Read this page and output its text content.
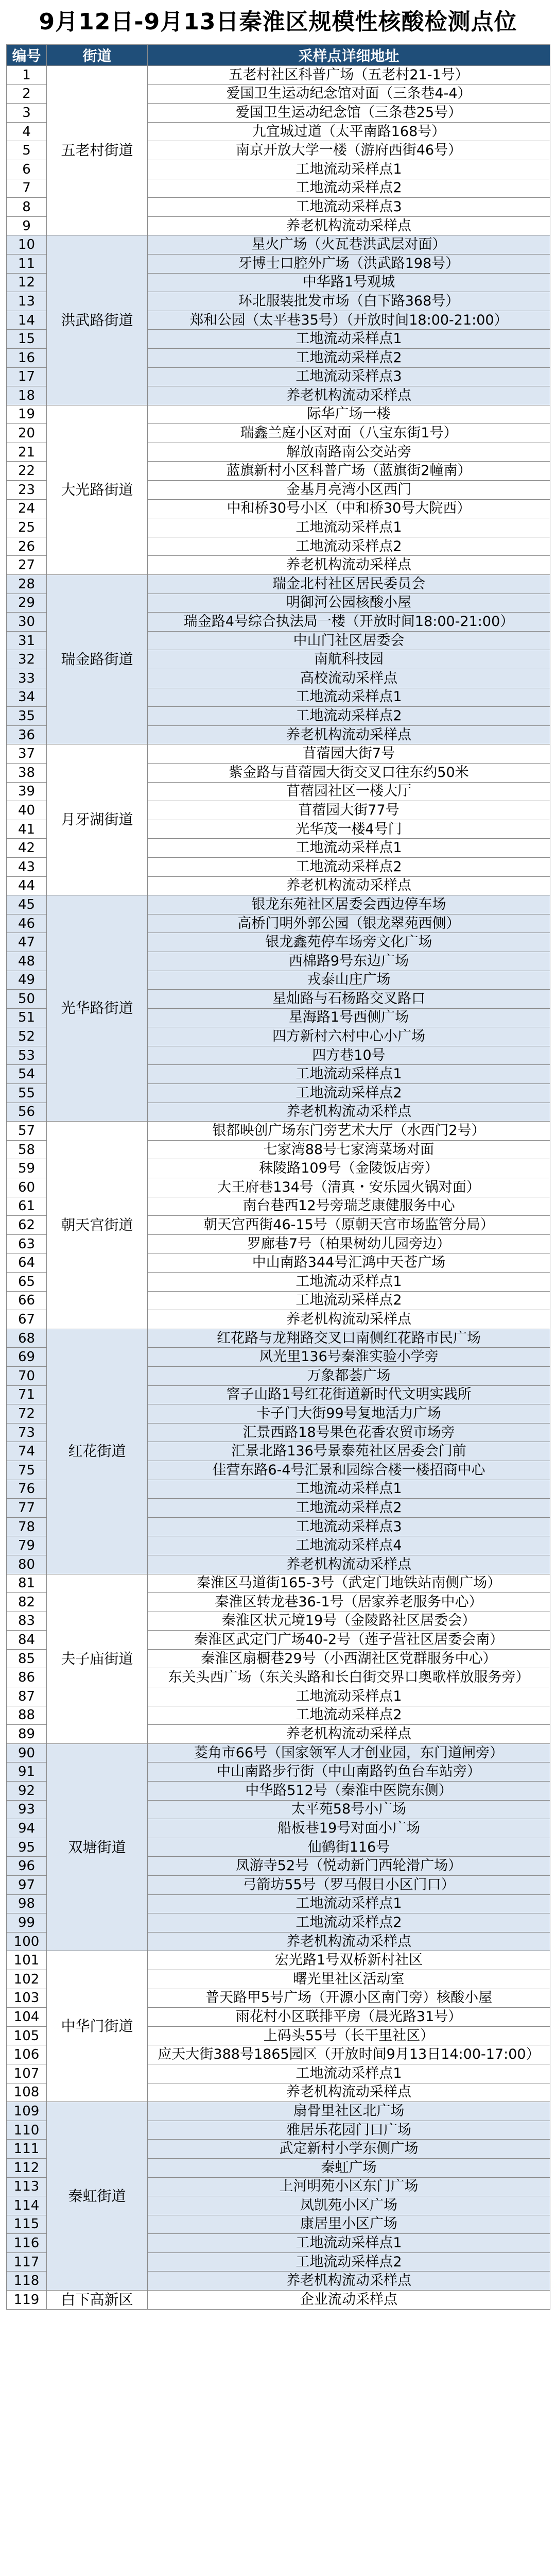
9月12日-9月13日秦淮区规模性核酸检测点位
编号	街道	采样点详细地址
1	五老村街道	五老村社区科普广场（五老村21-1号）
2		爱国卫生运动纪念馆对面（三条巷4-4）
3		爱国卫生运动纪念馆（三条巷25号）
4		九宜城过道（太平南路168号）
5		南京开放大学一楼（游府西街46号）
6		工地流动采样点1
7		工地流动采样点2
8		工地流动采样点3
9		养老机构流动采样点
10	洪武路街道	星火广场（火瓦巷洪武层对面）
11		牙博士口腔外广场（洪武路198号）
12		中华路1号观城
13		环北服装批发市场（白下路368号）
14		郑和公园（太平巷35号）（开放时间18:00-21:00）
15		工地流动采样点1
16		工地流动采样点2
17		工地流动采样点3
18		养老机构流动采样点
19	大光路街道	际华广场一楼
20		瑞鑫兰庭小区对面（八宝东街1号）
21		解放南路南公交站旁
22		蓝旗新村小区科普广场（蓝旗街2幢南）
23		金基月亮湾小区西门
24		中和桥30号小区（中和桥30号大院西）
25		工地流动采样点1
26		工地流动采样点2
27		养老机构流动采样点
28	瑞金路街道	瑞金北村社区居民委员会
29		明御河公园核酸小屋
30		瑞金路4号综合执法局一楼（开放时间18:00-21:00）
31		中山门社区居委会
32		南航科技园
33		高校流动采样点
34		工地流动采样点1
35		工地流动采样点2
36		养老机构流动采样点
37	月牙湖街道	苜蓿园大街7号
38		紫金路与苜蓿园大街交叉口往东约50米
39		苜蓿园社区一楼大厅
40		苜蓿园大街77号
41		光华茂一楼4号门
42		工地流动采样点1
43		工地流动采样点2
44		养老机构流动采样点
45	光华路街道	银龙东苑社区居委会西边停车场
46		高桥门明外郭公园（银龙翠苑西侧）
47		银龙鑫苑停车场旁文化广场
48		西棉路9号东边广场
49		戎泰山庄广场
50		星灿路与石杨路交叉路口
51		星海路1号西侧广场
52		四方新村六村中心小广场
53		四方巷10号
54		工地流动采样点1
55		工地流动采样点2
56		养老机构流动采样点
57	朝天宫街道	银都映创广场东门旁艺术大厅（水西门2号）
58		七家湾88号七家湾菜场对面
59		秣陵路109号（金陵饭店旁）
60		大王府巷134号（清真・安乐园火锅对面）
61		南台巷西12号旁瑞芝康健服务中心
62		朝天宫西街46-15号（原朝天宫市场监管分局）
63		罗廊巷7号（柏果树幼儿园旁边）
64		中山南路344号汇鸿中天苍广场
65		工地流动采样点1
66		工地流动采样点2
67		养老机构流动采样点
68	红花街道	红花路与龙翔路交叉口南侧红花路市民广场
69		风光里136号秦淮实验小学旁
70		万象都荟广场
71		窨子山路1号红花街道新时代文明实践所
72		卡子门大街99号复地活力广场
73		汇景西路18号果色花香农贸市场旁
74		汇景北路136号景泰苑社区居委会门前
75		佳营东路6-4号汇景和园综合楼一楼招商中心
76		工地流动采样点1
77		工地流动采样点2
78		工地流动采样点3
79		工地流动采样点4
80		养老机构流动采样点
81	夫子庙街道	秦淮区马道街165-3号（武定门地铁站南侧广场）
82		秦淮区转龙巷36-1号（居家养老服务中心）
83		秦淮区状元境19号（金陵路社区居委会）
84		秦淮区武定门广场40-2号（莲子营社区居委会南）
85		秦淮区扇橱巷29号（小西湖社区党群服务中心）
86		东关头西广场（东关头路和长白街交界口奥歌样放服务旁）
87		工地流动采样点1
88		工地流动采样点2
89		养老机构流动采样点
90	双塘街道	菱角市66号（国家领军人才创业园，东门道闸旁）
91		中山南路步行街（中山南路钓鱼台车站旁）
92		中华路512号（秦淮中医院东侧）
93		太平苑58号小广场
94		船板巷19号对面小广场
95		仙鹤街116号
96		凤游寺52号（悦动新门西轮滑广场）
97		弓箭坊55号（罗马假日小区门口）
98		工地流动采样点1
99		工地流动采样点2
100		养老机构流动采样点
101	中华门街道	宏光路1号双桥新村社区
102		曙光里社区活动室
103		普天路甲5号广场（开源小区南门旁）核酸小屋
104		雨花村小区联排平房（晨光路31号）
105		上码头55号（长干里社区）
106		应天大街388号1865园区（开放时间9月13日14:00-17:00）
107		工地流动采样点1
108		养老机构流动采样点
109	秦虹街道	扇骨里社区北广场
110		雅居乐花园门口广场
111		武定新村小学东侧广场
112		秦虹广场
113		上河明苑小区东门广场
114		凤凯苑小区广场
115		康居里小区广场
116		工地流动采样点1
117		工地流动采样点2
118		养老机构流动采样点
119	白下高新区	企业流动采样点
